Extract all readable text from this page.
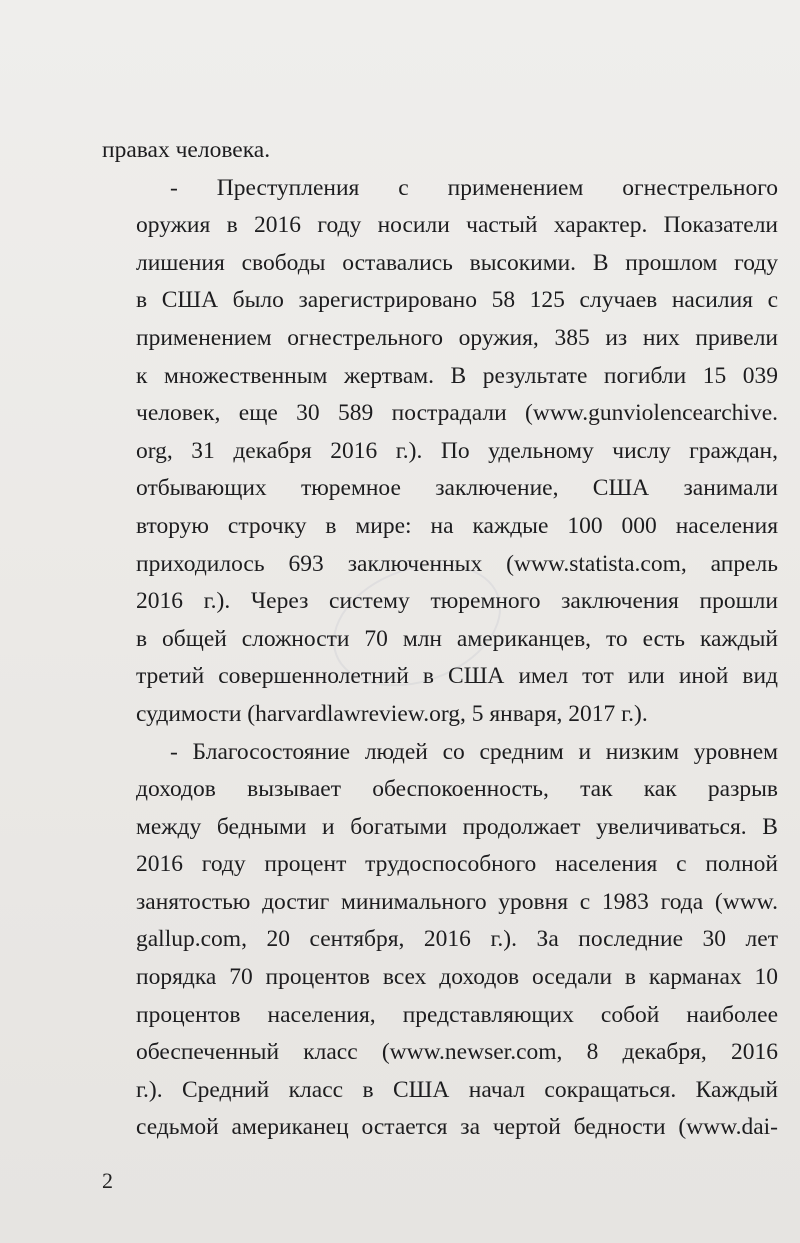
правах человека.

- Преступления с применением огнестрельного
оружия в 2016 году носили частый характер. Показатели
лишения свободы оставались высокими. В прошлом году
в США было зарегистрировано 58 125 случаев насилия с
применением огнестрельного оружия, 385 из них привели
к множественным жертвам. В результате погибли 15 039
человек, еще 30 589 пострадали (www.gunviolencearchive.
org, 31 декабря 2016 г.). По удельному числу граждан,
отбывающих тюремное заключение, США занимали
вторую строчку в мире: на каждые 100 000 населения
приходилось 693 заключенных (www.statista.com, апрель
2016 г.). Через систему тюремного заключения прошли
в общей сложности 70 млн американцев, то есть каждый
третий совершеннолетний в США имел тот или иной вид
судимости (harvardlawreview.org, 5 января, 2017 г.).

- Благосостояние людей со средним и низким уровнем
доходов вызывает обеспокоенность, так как разрыв
между бедными и богатыми продолжает увеличиваться. В
2016 году процент трудоспособного населения с полной
занятостью достиг минимального уровня с 1983 года (www.
gallup.com, 20 сентября, 2016 г.). За последние 30 лет
порядка 70 процентов всех доходов оседали в карманах 10
процентов населения, представляющих собой наиболее
обеспеченный класс (www.newser.com, 8 декабря, 2016
г.). Средний класс в США начал сокращаться. Каждый
седьмой американец остается за чертой бедности (www.dai-

2
